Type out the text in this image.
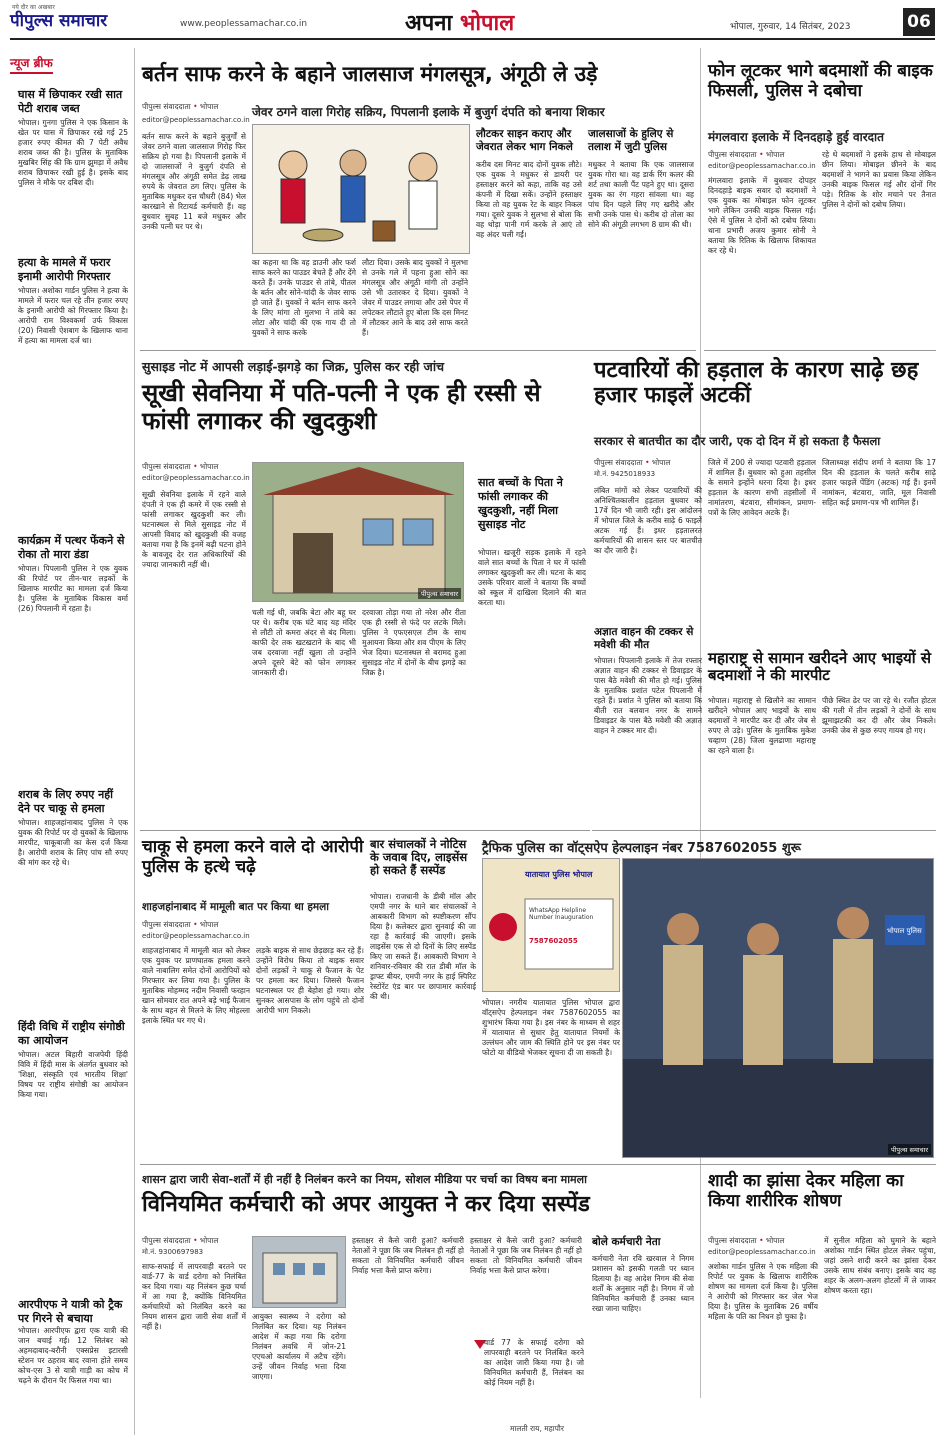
नये दौर का अखबार
पीपुल्स समाचार	www.peoplessamachar.co.in	अपना भोपाल	भोपाल, गुरुवार, 14 सितंबर, 2023	06
न्यूज ब्रीफ
घास में छिपाकर रखी सात पेटी शराब जब्त
भोपाल। गुनगा पुलिस ने एक किसान के खेत पर घास में छिपाकर रखे गई 25 हजार रुपए कीमत की 7 पेटी अवैध शराब जब्त की है। पुलिस के मुताबिक मुखबिर सिंह की कि ग्राम झुमड़ा में अवैध शराब छिपाकर रखी हुई है। इसके बाद पुलिस ने मौके पर दबिश दी।
हत्या के मामले में फरार इनामी आरोपी गिरफ्तार
भोपाल। अशोका गार्डन पुलिस ने हत्या के मामले में फरार चल रहे तीन हजार रुपए के इनामी आरोपी को गिरफ्तार किया है। आरोपी राम विश्वकर्मा उर्फ विकास (20) निवासी ऐशबाग के खिलाफ थाना में हत्या का मामला दर्ज था।
कार्यक्रम में पत्थर फेंकने से रोका तो मारा डंडा
भोपाल। पिपलानी पुलिस ने एक युवक की रिपोर्ट पर तीन-चार लड़कों के खिलाफ मारपीट का मामला दर्ज किया है। पुलिस के मुताबिक विकास वर्मा (26) पिपलानी में रहता है।
शराब के लिए रुपए नहीं देने पर चाकू से हमला
भोपाल। शाहजहांनाबाद पुलिस ने एक युवक की रिपोर्ट पर दो युवकों के खिलाफ मारपीट, चाकूबाजी का केस दर्ज किया है। आरोपी शराब के लिए पांच सौ रुपए की मांग कर रहे थे।
हिंदी विधि में राष्ट्रीय संगोष्ठी का आयोजन
भोपाल। अटल बिहारी वाजपेयी हिंदी विवि में हिंदी मास के अंतर्गत बुधवार को 'शिक्षा, संस्कृति एवं भारतीय शिक्षा' विषय पर राष्ट्रीय संगोष्ठी का आयोजन किया गया।
आरपीएफ ने यात्री को ट्रैक पर गिरने से बचाया
भोपाल। आरपीएफ द्वारा एक यात्री की जान बचाई गई। 12 सितंबर को अहमदाबाद-बरौनी एक्सप्रेस इटारसी स्टेशन पर ठहराव बाद रवाना होते समय कोच-एस 3 से यात्री गाड़ी का कोच में चढ़ने के दौरान पैर फिसल गया था।
बर्तन साफ करने के बहाने जालसाज मंगलसूत्र, अंगूठी ले उड़े
पीपुल्स संवाददाता • भोपाल
editor@peoplessamachar.co.in
जेवर ठगने वाला गिरोह सक्रिय, पिपलानी इलाके में बुजुर्ग दंपति को बनाया शिकार
बर्तन साफ करने के बहाने बुजुर्गों से जेवर ठगने वाला जालसाज गिरोह फिर सक्रिय हो गया है। पिपलानी इलाके में दो जालसाजों ने बुजुर्ग दंपति से मंगलसूत्र और अंगूठी समेत डेढ़ लाख रुपये के जेवरात ठग लिए। पुलिस के मुताबिक मधुकर दत्त चौधरी (84) भेल कारखाने से रिटायर्ड कर्मचारी हैं। वह बुधवार सुबह 11 बजे मधुकर और उनकी पत्नी घर पर थे।
का कहना था कि वह डाउनी और फर्श साफ करने का पाउडर बेचते हैं और देंगे करते हैं। उनके पाउडर से तांबे, पीतल के बर्तन और सोने-चांदी के जेवर साफ हो जाते हैं। युवकों ने बर्तन साफ करने के लिए मांगा तो मुलभा ने तांबे का लोटा और चांदी की एक गाय दी तो युवकों ने साफ करके
लौटा दिया। उसके बाद युवकों ने मुलभा से उनके गले में पहना हुआ सोने का मंगलसूत्र और अंगूठी मांगी तो उन्होंने उसे भी उतारकर दे दिया। युवकों ने जेवर में पाउडर लगाया और उसे पेपर में लपेटकर लौटाते हुए बोला कि दस मिनट में लौटकर आने के बाद उसे साफ करते हैं।
लौटकर साइन कराए और जेवरात लेकर भाग निकले
करीब दस मिनट बाद दोनों युवक लौटे। एक युवक ने मधुकर से डायरी पर हस्ताक्षर करने को कहा, ताकि वह उसे कंपनी में दिखा सकें। उन्होंने हस्ताक्षर किया तो वह युवक रेट के बाहर निकल गया। दूसरे युवक ने सुलभा से बोला कि वह थोड़ा पानी गर्म करके ले आएं तो वह अंदर चली गईं।
जालसाजों के हुलिए से तलाश में जुटी पुलिस
मधुकर ने बताया कि एक जालसाज युवक गोरा था। वह डार्क रिंग कलर की शर्ट तथा काली पैंट पहने हुए था। दूसरा युवक का रंग गहरा सांवला था। वह पांच दिन पहले लिए गए खरीदे और सभी उनके पास थे। करीब दो तोला का सोने की अंगूठी लगभग 8 ग्राम की थी।
फोन लूटकर भागे बदमाशों की बाइक फिसली, पुलिस ने दबोचा
मंगलवारा इलाके में दिनदहाड़े हुई वारदात
पीपुल्स संवाददाता • भोपाल
editor@peoplessamachar.co.in
मंगलवारा इलाके में बुधवार दोपहर दिनदहाड़े बाइक सवार दो बदमाशों ने एक युवक का मोबाइल फोन लूटकर भागे लेकिन उनकी बाइक फिसल गई। ऐसे में पुलिस ने दोनों को दबोच लिया। थाना प्रभारी अजय कुमार सोनी ने बताया कि रितिक के खिलाफ शिकायत कर रहे थे।
रहे थे बदमाशों ने इसके हाथ से मोबाइल छीन लिया। मोबाइल छीनने के बाद बदमाशों ने भागने का प्रयास किया लेकिन उनकी बाइक फिसल गई और दोनों गिर पड़े। रितिक के शोर मचाने पर तैनात पुलिस ने दोनों को दबोच लिया।
सुसाइड नोट में आपसी लड़ाई-झगड़े का जिक्र, पुलिस कर रही जांच
सूखी सेवनिया में पति-पत्नी ने एक ही रस्सी से फांसी लगाकर की खुदकुशी
पीपुल्स संवाददाता • भोपाल
editor@peoplessamachar.co.in
सूखी सेवनिया इलाके में रहने वाले दंपती ने एक ही कमरे में एक रस्सी से फांसी लगाकर खुदकुशी कर ली। घटनास्थल से मिले सुसाइड नोट में आपसी विवाद को खुदकुशी की वजह बताया गया है कि इनमें बढ़ी घटना होने के बावजूद देर रात अधिकारियों की ज्यादा जानकारी नहीं थी।
पीपुल्स समाचार
चली गई थी, जबकि बेटा और बहू घर पर थे। करीब एक घंटे बाद यह मंदिर से लौटी तो कमरा अंदर से बंद मिला। काफी देर तक खटखटाने के बाद भी जब दरवाजा नहीं खुला तो उन्होंने अपने दूसरे बेटे को फोन लगाकर जानकारी दी।
दरवाजा तोड़ा गया तो नरेश और रीता एक ही रस्सी से फंदे पर लटके मिले। पुलिस ने एफएसएल टीम के साथ मुआयना किया और शव पीएम के लिए भेज दिया। घटनास्थल से बरामद हुआ सुसाइड नोट में दोनों के बीच झगड़े का जिक्र है।
सात बच्चों के पिता ने फांसी लगाकर की खुदकुशी, नहीं मिला सुसाइड नोट
भोपाल। खजूरी सड़क इलाके में रहने वाले सात बच्चों के पिता ने घर में फांसी लगाकर खुदकुशी कर ली। घटना के बाद उसके परिवार वालों ने बताया कि बच्चों को स्कूल में दाखिला दिलाने की बात करता था।
पटवारियों की हड़ताल के कारण साढ़े छह हजार फाइलें अटकीं
सरकार से बातचीत का दौर जारी, एक दो दिन में हो सकता है फैसला
पीपुल्स संवाददाता • भोपाल
मो.नं. 9425018933
लंबित मांगों को लेकर पटवारियों की अनिश्चितकालीन हड़ताल बुधवार को 17वें दिन भी जारी रही। इस आंदोलन में भोपाल जिले के करीब साढ़े 6 फाइलें अटक गई हैं। इधर हड़तालरत कर्मचारियों की शासन स्तर पर बातचीत का दौर जारी है।
जिले में 200 से ज्यादा पटवारी हड़ताल में शामिल हैं। बुधवार को हुआ तहसील के समाने इन्होंने धरना दिया है। इधर हड़ताल के कारण सभी तहसीलों में नामांतरण, बंटवारा, सीमांकन, प्रमाण-पत्रों के लिए आवेदन अटके हैं।
जिलाध्यक्ष संदीप शर्मा ने बताया कि 17 दिन की हड़ताल के चलते करीब साढ़े हजार फाइलें पेंडिंग (अटक) गई हैं। इनमें नामांकन, बंटवारा, जाति, मूल निवासी सहित कई प्रमाण-पत्र भी शामिल हैं।
अज्ञात वाहन की टक्कर से मवेशी की मौत
भोपाल। पिपलानी इलाके में तेज रफ्तार अज्ञात वाहन की टक्कर से डिवाइडर के पास बैठे मवेशी की मौत हो गई। पुलिस के मुताबिक प्रशांत पटेल पिपलानी में रहते हैं। प्रशांत ने पुलिस को बताया कि बीती रात बलवान नगर के सामने डिवाइडर के पास बैठे मवेशी की अज्ञात वाहन ने टक्कर मार दी।
महाराष्ट्र से सामान खरीदने आए भाइयों से बदमाशों ने की मारपीट
भोपाल। महाराष्ट्र से खिलौने का सामान खरीदने भोपाल आए भाइयों के साथ बदमाशों ने मारपीट कर दी और जेब से रुपए ले उड़े। पुलिस के मुताबिक मुकेश चव्हाण (28) जिला बुलढाणा महाराष्ट्र का रहने वाला है।
पीछे स्थित ढेर पर जा रहे थे। रजौत होटल की गली में तीन लड़कों ने दोनों के साथ झूमाझटकी कर दी और जेब निकले। उनकी जेब से कुछ रुपए गायब हो गए।
चाकू से हमला करने वाले दो आरोपी पुलिस के हत्थे चढ़े
शाहजहांनाबाद में मामूली बात पर किया था हमला
पीपुल्स संवाददाता • भोपाल
editor@peoplessamachar.co.in
शाहजहांनाबाद में मामूली बात को लेकर एक युवक पर प्राणघातक हमला करने वाले नाबालिग समेत दोनों आरोपियों को गिरफ्तार कर लिया गया है। पुलिस के मुताबिक मोहम्मद नदीम निवासी फरहान खान सोमवार रात अपने बड़े भाई फैजान के साथ बहन से मिलने के लिए मोहल्ला इलाके स्थित घर गए थे।
लड़के बाइक से साथ छेड़छाड़ कर रहे हैं। उन्होंने विरोध किया तो बाइक सवार दोनों लड़कों ने चाकू से फैजान के पेट पर हमला कर दिया। जिससे फैजान घटनास्थल पर ही बेहोश हो गया। शोर सुनकर आसपास के लोग पहुंचे तो दोनों आरोपी भाग निकले।
बार संचालकों ने नोटिस के जवाब दिए, लाइसेंस हो सकते हैं सस्पेंड
भोपाल। राजधानी के डीबी मॉल और एमपी नगर के थाने बार संचालकों ने आबकारी विभाग को स्पष्टीकरण सौंप दिया है। कलेक्टर द्वारा सुनवाई की जा रहा है कार्रवाई की जाएगी। इसके लाइसेंस एक से दो दिनों के लिए सस्पेंड किए जा सकते हैं। आबकारी विभाग ने शनिवार-रविवार की रात डीबी मॉल के ड्राफ्ट बीयर, एमपी नगर के हाई स्पिरिट रेस्टोरेंट एंड बार पर छापामार कार्रवाई की थी।
ट्रैफिक पुलिस का वॉट्सऐप हेल्पलाइन नंबर 7587602055 शुरू
यातायात पुलिस भोपाल
WhatsApp Helpline Number Inauguration
7587602055
भोपाल पुलिस
पीपुल्स समाचार
भोपाल। नगरीय यातायात पुलिस भोपाल द्वारा वॉट्सऐप हेल्पलाइन नंबर 7587602055 का शुभारंभ किया गया है। इस नंबर के माध्यम से शहर में यातायात से सुधार हेतु यातायात नियमों के उल्लंघन और जाम की स्थिति होने पर इस नंबर पर फोटो या वीडियो भेजकर सूचना दी जा सकती है।
शासन द्वारा जारी सेवा-शर्तों में ही नहीं है निलंबन करने का नियम, सोशल मीडिया पर चर्चा का विषय बना मामला
विनियमित कर्मचारी को अपर आयुक्त ने कर दिया सस्पेंड
पीपुल्स संवाददाता • भोपाल
मो.नं. 9300697983
साफ-सफाई में लापरवाही बरतने पर वार्ड-77 के वार्ड दरोगा को निलंबित कर दिया गया। यह निलंबन कुछ चर्चा में आ गया है, क्योंकि विनियमित कर्मचारियों को निलंबित करने का नियम शासन द्वारा जारी सेवा शर्तों में नहीं है।
आयुक्त स्वास्थ्य ने दरोगा को निलंबित कर दिया। यह निलंबन आदेश में कहा गया कि दरोगा निलंबन अवधि में जोन-21 एएचओ कार्यालय में अटैच रहेंगे। उन्हें जीवन निर्वाह भत्ता दिया जाएगा।
हस्ताक्षर से कैसे जारी हुआ? कर्मचारी नेताओं ने पूछा कि जब निलंबन ही नहीं हो सकता तो विनियमित कर्मचारी जीवन निर्वाह भत्ता कैसे प्राप्त करेगा।
हस्ताक्षर से कैसे जारी हुआ? कर्मचारी नेताओं ने पूछा कि जब निलंबन ही नहीं हो सकता तो विनियमित कर्मचारी जीवन निर्वाह भत्ता कैसे प्राप्त करेगा।
वार्ड 77 के सफाई दरोगा को लापरवाही बरतने पर निलंबित करने का आदेश जारी किया गया है। जो विनियमित कर्मचारी हैं, निलंबन का कोई नियम नहीं है।
मालती राय, महापौर
बोले कर्मचारी नेता
कर्मचारी नेता रवि खरवाल ने निगम प्रशासन को इसकी गलती पर ध्यान दिलाया है। वह आदेश निगम की सेवा शर्तों के अनुसार नहीं है। निगम में जो विनियमित कर्मचारी हैं उनका ध्यान रखा जाना चाहिए।
शादी का झांसा देकर महिला का किया शारीरिक शोषण
पीपुल्स संवाददाता • भोपाल
editor@peoplessamachar.co.in
अशोका गार्डन पुलिस ने एक महिला की रिपोर्ट पर युवक के खिलाफ शारीरिक शोषण का मामला दर्ज किया है। पुलिस ने आरोपी को गिरफ्तार कर जेल भेज दिया है। पुलिस के मुताबिक 26 वर्षीय महिला के पति का निधन हो चुका है।
में सुनील महिला को घुमाने के बहाने अशोका गार्डन स्थित होटल लेकर पहुंचा, जहां उसने शादी करने का झांसा देकर उसके साथ संबंध बनाए। इसके बाद वह शहर के अलग-अलग होटलों में ले जाकर शोषण करता रहा।
